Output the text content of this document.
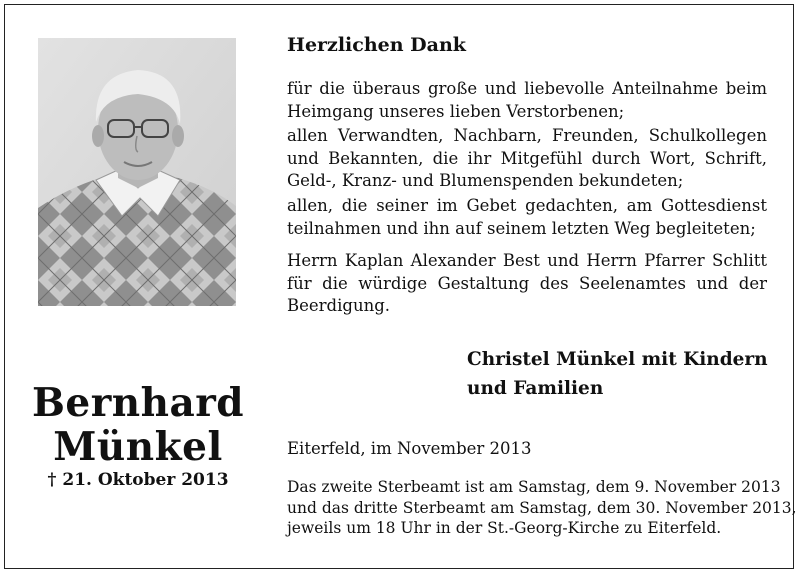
Bernhard
Münkel
† 21. Oktober 2013
Herzlichen Dank
für die überaus große und liebevolle Anteilnahme beim Heimgang unseres lieben Verstorbenen;
allen Verwandten, Nachbarn, Freunden, Schulkollegen und Bekannten, die ihr Mitgefühl durch Wort, Schrift, Geld-, Kranz- und Blumenspenden bekundeten;
allen, die seiner im Gebet gedachten, am Gottesdienst teilnahmen und ihn auf seinem letzten Weg begleiteten;
Herrn Kaplan Alexander Best und Herrn Pfarrer Schlitt für die würdige Gestaltung des Seelenamtes und der Beerdigung.
Christel Münkel mit Kindern
und Familien
Eiterfeld, im November 2013
Das zweite Sterbeamt ist am Samstag, dem 9. November 2013
und das dritte Sterbeamt am Samstag, dem 30. November 2013,
jeweils um 18 Uhr in der St.-Georg-Kirche zu Eiterfeld.
